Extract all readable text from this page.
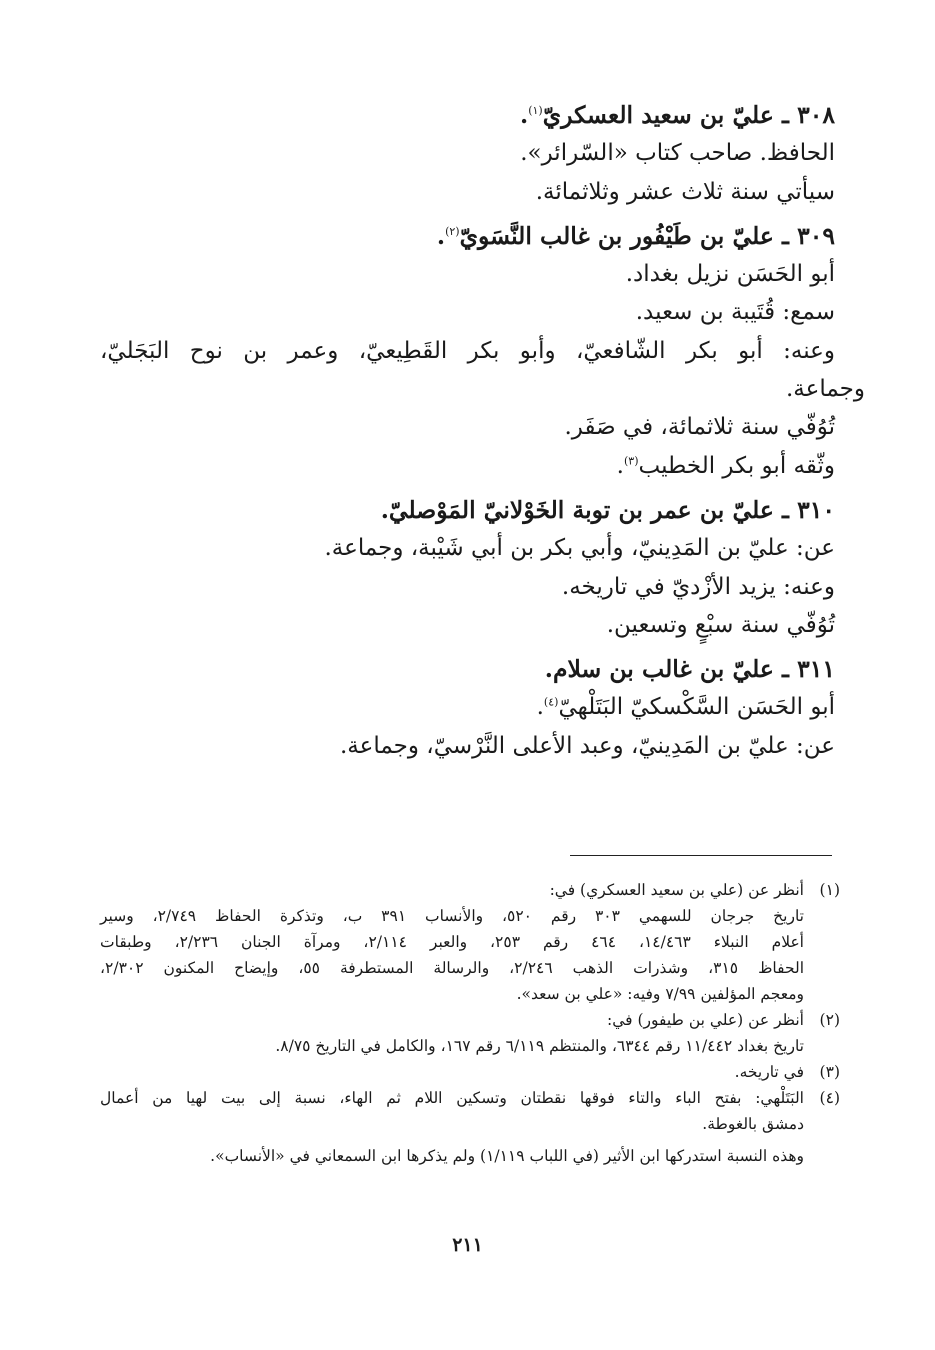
٣٠٨ ـ عليّ بن سعيد العسكريّ$^{(١)}$.
الحافظ. صاحب كتاب «السّرائر».
سيأتي سنة ثلاث عشر وثلاثمائة.
٣٠٩ ـ عليّ بن طَيْفُور بن غالب النَّسَويّ$^{(٢)}$.
أبو الحَسَن نزيل بغداد.
سمع: قُتَيبة بن سعيد.
وعنه: أبو بكر الشّافعيّ، وأبو بكر القَطِيعيّ، وعمر بن نوح البَجَليّ،
وجماعة.
تُوُفّي سنة ثلاثمائة، في صَفَر.
وثّقه أبو بكر الخطيب$^{(٣)}$.
٣١٠ ـ عليّ بن عمر بن توبة الخَوْلانيّ المَوْصليّ.
عن: عليّ بن المَدِينيّ، وأبي بكر بن أبي شَيْبة، وجماعة.
وعنه: يزيد الأزْديّ في تاريخه.
تُوُفّي سنة سبْعٍ وتسعين.
٣١١ ـ عليّ بن غالب بن سلام.
أبو الحَسَن السَّكْسكيّ البَتَلْهيّ$^{(٤)}$.
عن: عليّ بن المَدِينيّ، وعبد الأعلى النَّرْسيّ، وجماعة.
(١)
أنظر عن (علي بن سعيد العسكري) في:
تاريخ جرجان للسهمي ٣٠٣ رقم ٥٢٠، والأنساب ٣٩١ ب، وتذكرة الحفاظ ٢/٧٤٩، وسير
أعلام النبلاء ١٤/٤٦٣، ٤٦٤ رقم ٢٥٣، والعبر ٢/١١٤، ومرآة الجنان ٢/٢٣٦، وطبقات
الحفاظ ٣١٥، وشذرات الذهب ٢/٢٤٦، والرسالة المستطرفة ٥٥، وإيضاح المكنون ٢/٣٠٢،
ومعجم المؤلفين ٧/٩٩ وفيه: «علي بن سعد».
(٢)
أنظر عن (علي بن طيفور) في:
تاريخ بغداد ١١/٤٤٢ رقم ٦٣٤٤، والمنتظم ٦/١١٩ رقم ١٦٧، والكامل في التاريخ ٨/٧٥.
(٣)
في تاريخه.
(٤)
البَتَلْهي: بفتح الباء والتاء فوقها نقطتان وتسكين اللام ثم الهاء، نسبة إلى بيت لهيا من أعمال
دمشق بالغوطة.
وهذه النسبة استدركها ابن الأثير (في اللباب ١/١١٩) ولم يذكرها ابن السمعاني في «الأنساب».
٢١١
